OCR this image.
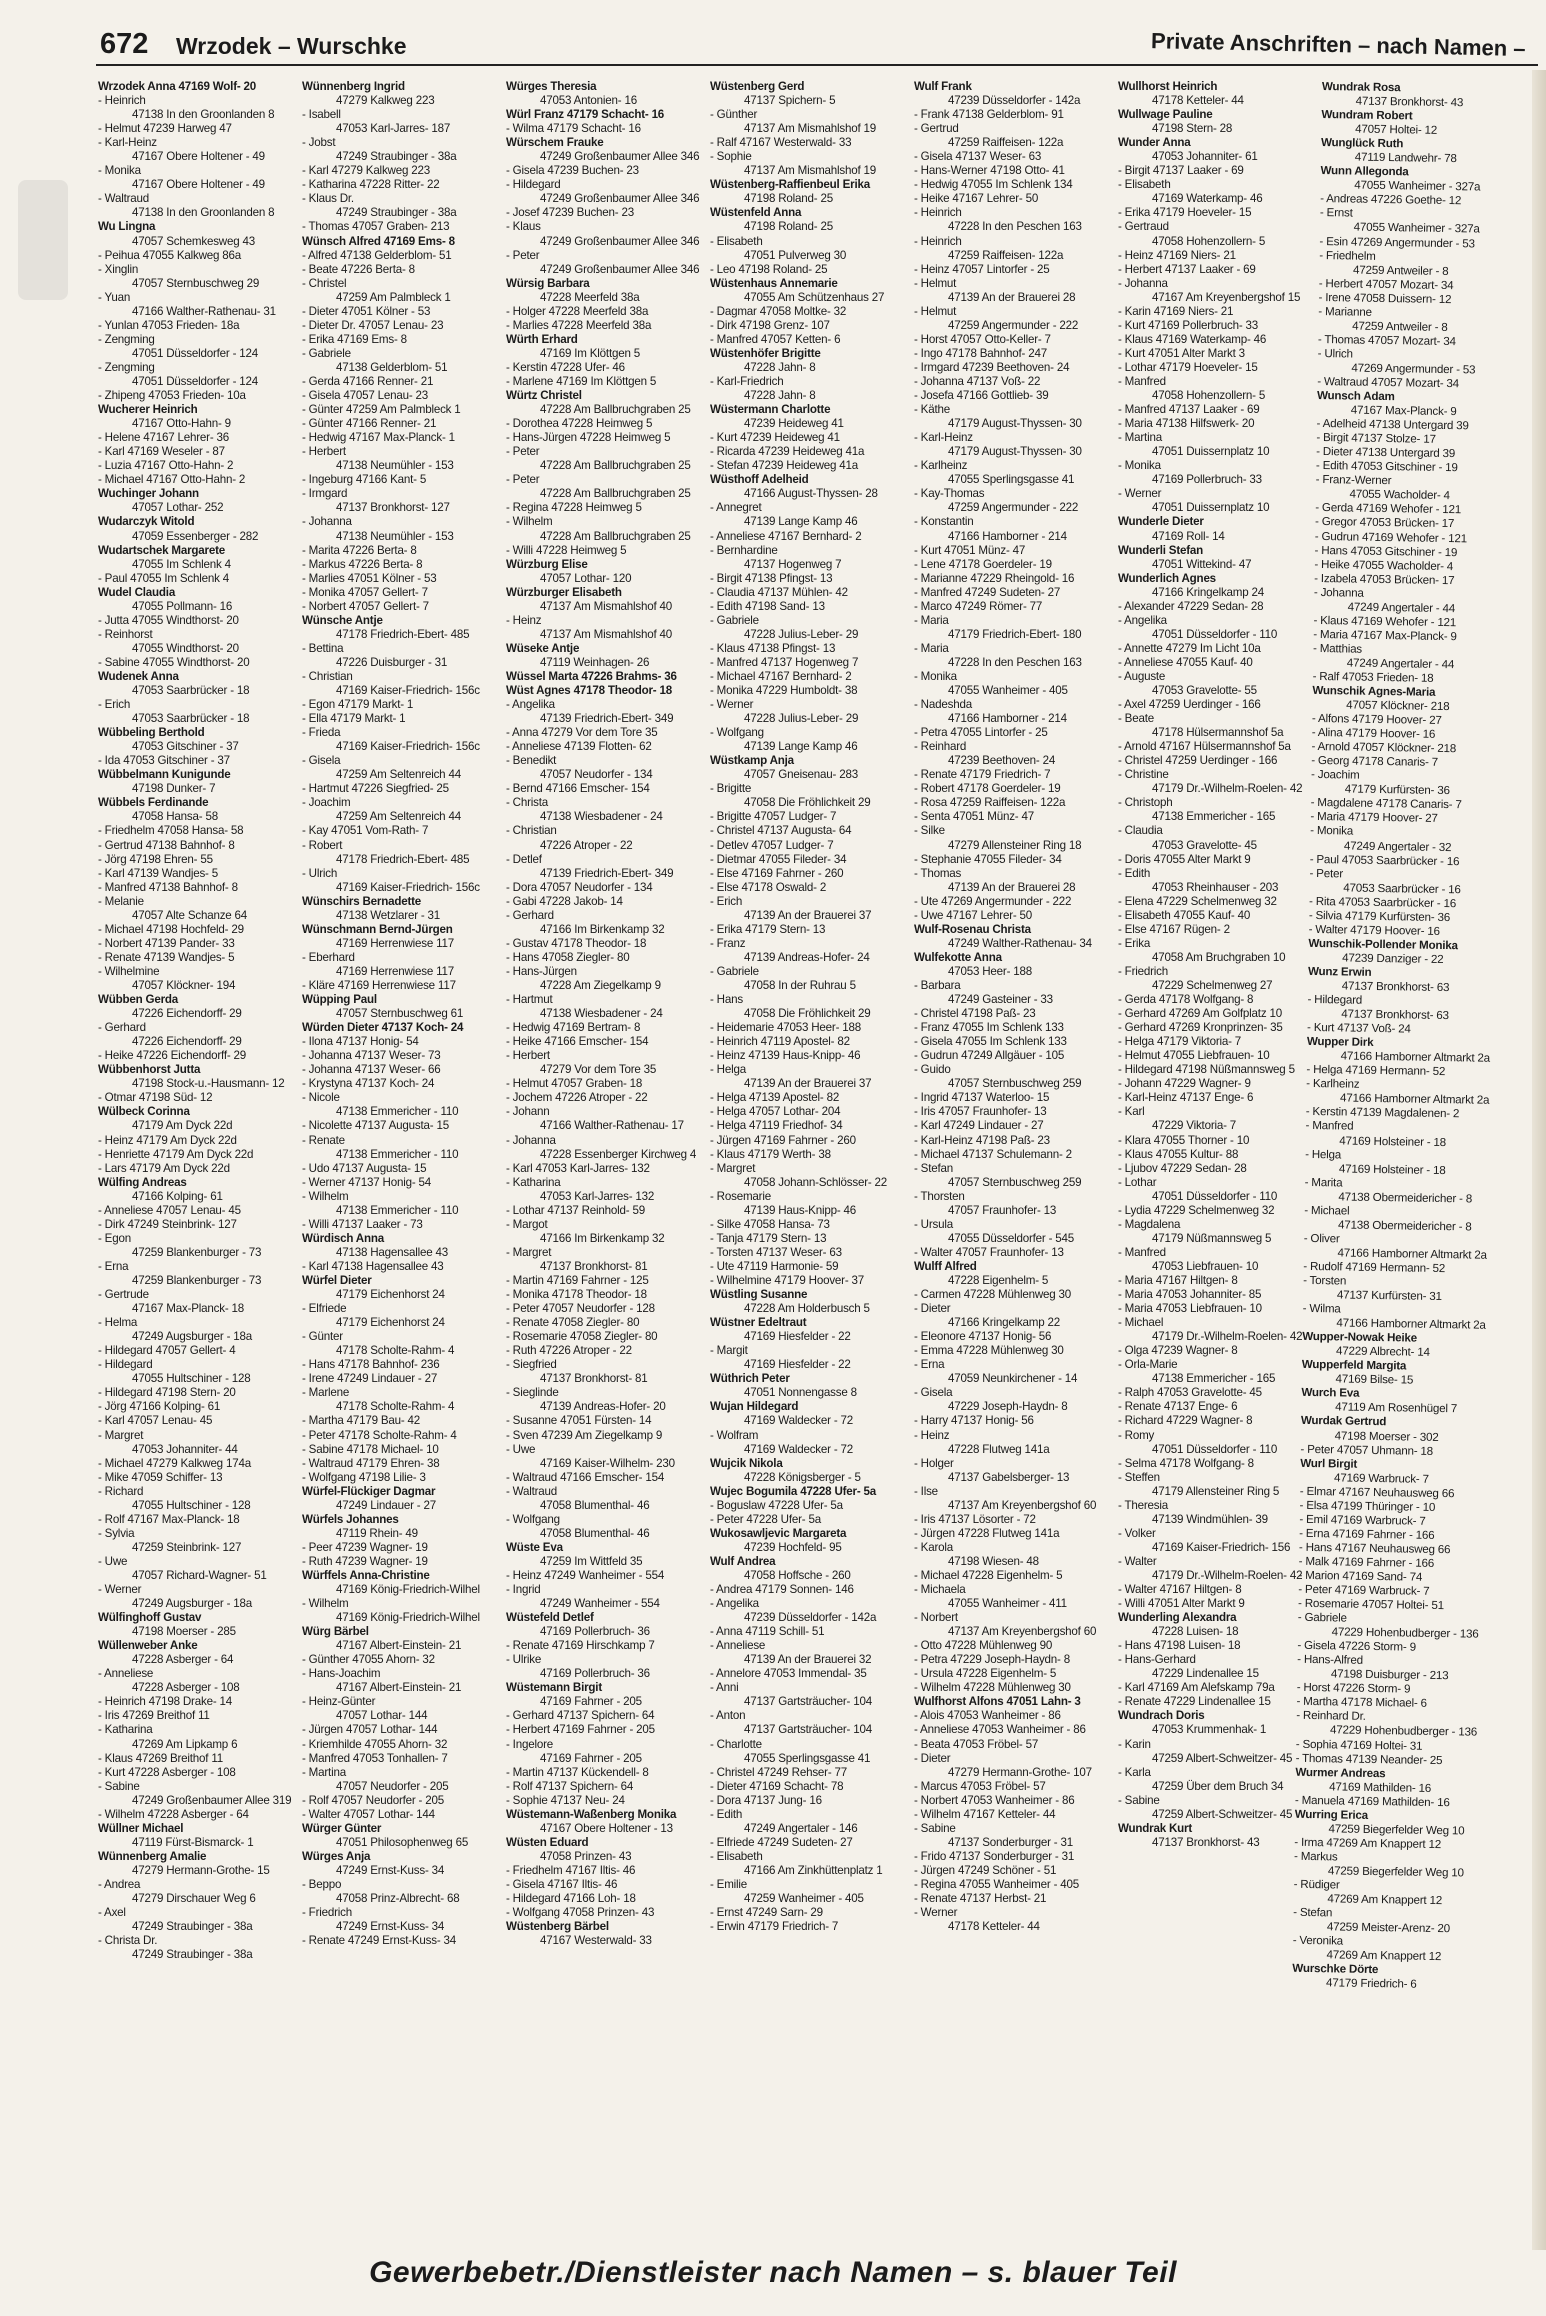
672 Wrzodek – Wurschke	Private Anschriften – nach Namen –
Wrzodek Anna 47169 Wolf- 20
- Heinrich
47138 In den Groonlanden 8
- Helmut 47239 Harweg 47
- Karl-Heinz
47167 Obere Holtener - 49
- Monika
47167 Obere Holtener - 49
- Waltraud
47138 In den Groonlanden 8
Wu Lingna
47057 Schemkesweg 43
- Peihua 47055 Kalkweg 86a
- Xinglin
47057 Sternbuschweg 29
- Yuan
47166 Walther-Rathenau- 31
- Yunlan 47053 Frieden- 18a
- Zengming
47051 Düsseldorfer - 124
- Zengming
47051 Düsseldorfer - 124
- Zhipeng 47053 Frieden- 10a
Wucherer Heinrich
47167 Otto-Hahn- 9
- Helene 47167 Lehrer- 36
- Karl 47169 Weseler - 87
- Luzia 47167 Otto-Hahn- 2
- Michael 47167 Otto-Hahn- 2
Wuchinger Johann
47057 Lothar- 252
Wudarczyk Witold
47059 Essenberger - 282
Wudartschek Margarete
47055 Im Schlenk 4
- Paul 47055 Im Schlenk 4
Wudel Claudia
47055 Pollmann- 16
- Jutta 47055 Windthorst- 20
- Reinhorst
47055 Windthorst- 20
- Sabine 47055 Windthorst- 20
Wudenek Anna
47053 Saarbrücker - 18
- Erich
47053 Saarbrücker - 18
Wübbeling Berthold
47053 Gitschiner - 37
- Ida 47053 Gitschiner - 37
Wübbelmann Kunigunde
47198 Dunker- 7
Wübbels Ferdinande
47058 Hansa- 58
- Friedhelm 47058 Hansa- 58
- Gertrud 47138 Bahnhof- 8
- Jörg 47198 Ehren- 55
- Karl 47139 Wandjes- 5
- Manfred 47138 Bahnhof- 8
- Melanie
47057 Alte Schanze 64
- Michael 47198 Hochfeld- 29
- Norbert 47139 Pander- 33
- Renate 47139 Wandjes- 5
- Wilhelmine
47057 Klöckner- 194
Wübben Gerda
47226 Eichendorff- 29
- Gerhard
47226 Eichendorff- 29
- Heike 47226 Eichendorff- 29
Wübbenhorst Jutta
47198 Stock-u.-Hausmann- 12
- Otmar 47198 Süd- 12
Wülbeck Corinna
47179 Am Dyck 22d
- Heinz 47179 Am Dyck 22d
- Henriette 47179 Am Dyck 22d
- Lars 47179 Am Dyck 22d
Wülfing Andreas
47166 Kolping- 61
- Anneliese 47057 Lenau- 45
- Dirk 47249 Steinbrink- 127
- Egon
47259 Blankenburger - 73
- Erna
47259 Blankenburger - 73
- Gertrude
47167 Max-Planck- 18
- Helma
47249 Augsburger - 18a
- Hildegard 47057 Gellert- 4
- Hildegard
47055 Hultschiner - 128
- Hildegard 47198 Stern- 20
- Jörg 47166 Kolping- 61
- Karl 47057 Lenau- 45
- Margret
47053 Johanniter- 44
- Michael 47279 Kalkweg 174a
- Mike 47059 Schiffer- 13
- Richard
47055 Hultschiner - 128
- Rolf 47167 Max-Planck- 18
- Sylvia
47259 Steinbrink- 127
- Uwe
47057 Richard-Wagner- 51
- Werner
47249 Augsburger - 18a
Wülfinghoff Gustav
47198 Moerser - 285
Wüllenweber Anke
47228 Asberger - 64
- Anneliese
47228 Asberger - 108
- Heinrich 47198 Drake- 14
- Iris 47269 Breithof 11
- Katharina
47269 Am Lipkamp 6
- Klaus 47269 Breithof 11
- Kurt 47228 Asberger - 108
- Sabine
47249 Großenbaumer Allee 319
- Wilhelm 47228 Asberger - 64
Wüllner Michael
47119 Fürst-Bismarck- 1
Wünnenberg Amalie
47279 Hermann-Grothe- 15
- Andrea
47279 Dirschauer Weg 6
- Axel
47249 Straubinger - 38a
- Christa Dr.
47249 Straubinger - 38a
Wünnenberg Ingrid
47279 Kalkweg 223
- Isabell
47053 Karl-Jarres- 187
- Jobst
47249 Straubinger - 38a
- Karl 47279 Kalkweg 223
- Katharina 47228 Ritter- 22
- Klaus Dr.
47249 Straubinger - 38a
- Thomas 47057 Graben- 213
Wünsch Alfred 47169 Ems- 8
- Alfred 47138 Gelderblom- 51
- Beate 47226 Berta- 8
- Christel
47259 Am Palmbleck 1
- Dieter 47051 Kölner - 53
- Dieter Dr. 47057 Lenau- 23
- Erika 47169 Ems- 8
- Gabriele
47138 Gelderblom- 51
- Gerda 47166 Renner- 21
- Gisela 47057 Lenau- 23
- Günter 47259 Am Palmbleck 1
- Günter 47166 Renner- 21
- Hedwig 47167 Max-Planck- 1
- Herbert
47138 Neumühler - 153
- Ingeburg 47166 Kant- 5
- Irmgard
47137 Bronkhorst- 127
- Johanna
47138 Neumühler - 153
- Marita 47226 Berta- 8
- Markus 47226 Berta- 8
- Marlies 47051 Kölner - 53
- Monika 47057 Gellert- 7
- Norbert 47057 Gellert- 7
Wünsche Antje
47178 Friedrich-Ebert- 485
- Bettina
47226 Duisburger - 31
- Christian
47169 Kaiser-Friedrich- 156c
- Egon 47179 Markt- 1
- Ella 47179 Markt- 1
- Frieda
47169 Kaiser-Friedrich- 156c
- Gisela
47259 Am Seltenreich 44
- Hartmut 47226 Siegfried- 25
- Joachim
47259 Am Seltenreich 44
- Kay 47051 Vom-Rath- 7
- Robert
47178 Friedrich-Ebert- 485
- Ulrich
47169 Kaiser-Friedrich- 156c
Wünschirs Bernadette
47138 Wetzlarer - 31
Wünschmann Bernd-Jürgen
47169 Herrenwiese 117
- Eberhard
47169 Herrenwiese 117
- Kläre 47169 Herrenwiese 117
Wüpping Paul
47057 Sternbuschweg 61
Würden Dieter 47137 Koch- 24
- Ilona 47137 Honig- 54
- Johanna 47137 Weser- 73
- Johanna 47137 Weser- 66
- Krystyna 47137 Koch- 24
- Nicole
47138 Emmericher - 110
- Nicolette 47137 Augusta- 15
- Renate
47138 Emmericher - 110
- Udo 47137 Augusta- 15
- Werner 47137 Honig- 54
- Wilhelm
47138 Emmericher - 110
- Willi 47137 Laaker - 73
Würdisch Anna
47138 Hagensallee 43
- Karl 47138 Hagensallee 43
Würfel Dieter
47179 Eichenhorst 24
- Elfriede
47179 Eichenhorst 24
- Günter
47178 Scholte-Rahm- 4
- Hans 47178 Bahnhof- 236
- Irene 47249 Lindauer - 27
- Marlene
47178 Scholte-Rahm- 4
- Martha 47179 Bau- 42
- Peter 47178 Scholte-Rahm- 4
- Sabine 47178 Michael- 10
- Waltraud 47179 Ehren- 38
- Wolfgang 47198 Lilie- 3
Würfel-Flückiger Dagmar
47249 Lindauer - 27
Würfels Johannes
47119 Rhein- 49
- Peer 47239 Wagner- 19
- Ruth 47239 Wagner- 19
Würffels Anna-Christine
47169 König-Friedrich-Wilhel
- Wilhelm
47169 König-Friedrich-Wilhel
Würg Bärbel
47167 Albert-Einstein- 21
- Günther 47055 Ahorn- 32
- Hans-Joachim
47167 Albert-Einstein- 21
- Heinz-Günter
47057 Lothar- 144
- Jürgen 47057 Lothar- 144
- Kriemhilde 47055 Ahorn- 32
- Manfred 47053 Tonhallen- 7
- Martina
47057 Neudorfer - 205
- Rolf 47057 Neudorfer - 205
- Walter 47057 Lothar- 144
Würger Günter
47051 Philosophenweg 65
Würges Anja
47249 Ernst-Kuss- 34
- Beppo
47058 Prinz-Albrecht- 68
- Friedrich
47249 Ernst-Kuss- 34
- Renate 47249 Ernst-Kuss- 34
Würges Theresia
47053 Antonien- 16
Würl Franz 47179 Schacht- 16
- Wilma 47179 Schacht- 16
Würschem Frauke
47249 Großenbaumer Allee 346
- Gisela 47239 Buchen- 23
- Hildegard
47249 Großenbaumer Allee 346
- Josef 47239 Buchen- 23
- Klaus
47249 Großenbaumer Allee 346
- Peter
47249 Großenbaumer Allee 346
Würsig Barbara
47228 Meerfeld 38a
- Holger 47228 Meerfeld 38a
- Marlies 47228 Meerfeld 38a
Würth Erhard
47169 Im Klöttgen 5
- Kerstin 47228 Ufer- 46
- Marlene 47169 Im Klöttgen 5
Würtz Christel
47228 Am Ballbruchgraben 25
- Dorothea 47228 Heimweg 5
- Hans-Jürgen 47228 Heimweg 5
- Peter
47228 Am Ballbruchgraben 25
- Peter
47228 Am Ballbruchgraben 25
- Regina 47228 Heimweg 5
- Wilhelm
47228 Am Ballbruchgraben 25
- Willi 47228 Heimweg 5
Würzburg Elise
47057 Lothar- 120
Würzburger Elisabeth
47137 Am Mismahlshof 40
- Heinz
47137 Am Mismahlshof 40
Wüseke Antje
47119 Weinhagen- 26
Wüssel Marta 47226 Brahms- 36
Wüst Agnes 47178 Theodor- 18
- Angelika
47139 Friedrich-Ebert- 349
- Anna 47279 Vor dem Tore 35
- Anneliese 47139 Flotten- 62
- Benedikt
47057 Neudorfer - 134
- Bernd 47166 Emscher- 154
- Christa
47138 Wiesbadener - 24
- Christian
47226 Atroper - 22
- Detlef
47139 Friedrich-Ebert- 349
- Dora 47057 Neudorfer - 134
- Gabi 47228 Jakob- 14
- Gerhard
47166 Im Birkenkamp 32
- Gustav 47178 Theodor- 18
- Hans 47058 Ziegler- 80
- Hans-Jürgen
47228 Am Ziegelkamp 9
- Hartmut
47138 Wiesbadener - 24
- Hedwig 47169 Bertram- 8
- Heike 47166 Emscher- 154
- Herbert
47279 Vor dem Tore 35
- Helmut 47057 Graben- 18
- Jochem 47226 Atroper - 22
- Johann
47166 Walther-Rathenau- 17
- Johanna
47228 Essenberger Kirchweg 4
- Karl 47053 Karl-Jarres- 132
- Katharina
47053 Karl-Jarres- 132
- Lothar 47137 Reinhold- 59
- Margot
47166 Im Birkenkamp 32
- Margret
47137 Bronkhorst- 81
- Martin 47169 Fahrner - 125
- Monika 47178 Theodor- 18
- Peter 47057 Neudorfer - 128
- Renate 47058 Ziegler- 80
- Rosemarie 47058 Ziegler- 80
- Ruth 47226 Atroper - 22
- Siegfried
47137 Bronkhorst- 81
- Sieglinde
47139 Andreas-Hofer- 20
- Susanne 47051 Fürsten- 14
- Sven 47239 Am Ziegelkamp 9
- Uwe
47169 Kaiser-Wilhelm- 230
- Waltraud 47166 Emscher- 154
- Waltraud
47058 Blumenthal- 46
- Wolfgang
47058 Blumenthal- 46
Wüste Eva
47259 Im Wittfeld 35
- Heinz 47249 Wanheimer - 554
- Ingrid
47249 Wanheimer - 554
Wüstefeld Detlef
47169 Pollerbruch- 36
- Renate 47169 Hirschkamp 7
- Ulrike
47169 Pollerbruch- 36
Wüstemann Birgit
47169 Fahrner - 205
- Gerhard 47137 Spichern- 64
- Herbert 47169 Fahrner - 205
- Ingelore
47169 Fahrner - 205
- Martin 47137 Kückendell- 8
- Rolf 47137 Spichern- 64
- Sophie 47137 Neu- 24
Wüstemann-Waßenberg Monika
47167 Obere Holtener - 13
Wüsten Eduard
47058 Prinzen- 43
- Friedhelm 47167 Iltis- 46
- Gisela 47167 Iltis- 46
- Hildegard 47166 Loh- 18
- Wolfgang 47058 Prinzen- 43
Wüstenberg Bärbel
47167 Westerwald- 33
Wüstenberg Gerd
47137 Spichern- 5
- Günther
47137 Am Mismahlshof 19
- Ralf 47167 Westerwald- 33
- Sophie
47137 Am Mismahlshof 19
Wüstenberg-Raffienbeul Erika
47198 Roland- 25
Wüstenfeld Anna
47198 Roland- 25
- Elisabeth
47051 Pulverweg 30
- Leo 47198 Roland- 25
Wüstenhaus Annemarie
47055 Am Schützenhaus 27
- Dagmar 47058 Moltke- 32
- Dirk 47198 Grenz- 107
- Manfred 47057 Ketten- 6
Wüstenhöfer Brigitte
47228 Jahn- 8
- Karl-Friedrich
47228 Jahn- 8
Wüstermann Charlotte
47239 Heideweg 41
- Kurt 47239 Heideweg 41
- Ricarda 47239 Heideweg 41a
- Stefan 47239 Heideweg 41a
Wüsthoff Adelheid
47166 August-Thyssen- 28
- Annegret
47139 Lange Kamp 46
- Anneliese 47167 Bernhard- 2
- Bernhardine
47137 Hogenweg 7
- Birgit 47138 Pfingst- 13
- Claudia 47137 Mühlen- 42
- Edith 47198 Sand- 13
- Gabriele
47228 Julius-Leber- 29
- Klaus 47138 Pfingst- 13
- Manfred 47137 Hogenweg 7
- Michael 47167 Bernhard- 2
- Monika 47229 Humboldt- 38
- Werner
47228 Julius-Leber- 29
- Wolfgang
47139 Lange Kamp 46
Wüstkamp Anja
47057 Gneisenau- 283
- Brigitte
47058 Die Fröhlichkeit 29
- Brigitte 47057 Ludger- 7
- Christel 47137 Augusta- 64
- Detlev 47057 Ludger- 7
- Dietmar 47055 Fileder- 34
- Else 47169 Fahrner - 260
- Else 47178 Oswald- 2
- Erich
47139 An der Brauerei 37
- Erika 47179 Stern- 13
- Franz
47139 Andreas-Hofer- 24
- Gabriele
47058 In der Ruhrau 5
- Hans
47058 Die Fröhlichkeit 29
- Heidemarie 47053 Heer- 188
- Heinrich 47119 Apostel- 82
- Heinz 47139 Haus-Knipp- 46
- Helga
47139 An der Brauerei 37
- Helga 47139 Apostel- 82
- Helga 47057 Lothar- 204
- Helga 47119 Friedhof- 34
- Jürgen 47169 Fahrner - 260
- Klaus 47179 Werth- 38
- Margret
47058 Johann-Schlösser- 22
- Rosemarie
47139 Haus-Knipp- 46
- Silke 47058 Hansa- 73
- Tanja 47179 Stern- 13
- Torsten 47137 Weser- 63
- Ute 47119 Harmonie- 59
- Wilhelmine 47179 Hoover- 37
Wüstling Susanne
47228 Am Holderbusch 5
Wüstner Edeltraut
47169 Hiesfelder - 22
- Margit
47169 Hiesfelder - 22
Wüthrich Peter
47051 Nonnengasse 8
Wujan Hildegard
47169 Waldecker - 72
- Wolfram
47169 Waldecker - 72
Wujcik Nikola
47228 Königsberger - 5
Wujec Bogumila 47228 Ufer- 5a
- Boguslaw 47228 Ufer- 5a
- Peter 47228 Ufer- 5a
Wukosawljevic Margareta
47239 Hochfeld- 95
Wulf Andrea
47058 Hoffsche - 260
- Andrea 47179 Sonnen- 146
- Angelika
47239 Düsseldorfer - 142a
- Anna 47119 Schill- 51
- Anneliese
47139 An der Brauerei 32
- Annelore 47053 Immendal- 35
- Anni
47137 Gartsträucher- 104
- Anton
47137 Gartsträucher- 104
- Charlotte
47055 Sperlingsgasse 41
- Christel 47249 Rehser- 77
- Dieter 47169 Schacht- 78
- Dora 47137 Jung- 16
- Edith
47249 Angertaler - 146
- Elfriede 47249 Sudeten- 27
- Elisabeth
47166 Am Zinkhüttenplatz 1
- Emilie
47259 Wanheimer - 405
- Ernst 47249 Sarn- 29
- Erwin 47179 Friedrich- 7
Wulf Frank
47239 Düsseldorfer - 142a
- Frank 47138 Gelderblom- 91
- Gertrud
47259 Raiffeisen- 122a
- Gisela 47137 Weser- 63
- Hans-Werner 47198 Otto- 41
- Hedwig 47055 Im Schlenk 134
- Heike 47167 Lehrer- 50
- Heinrich
47228 In den Peschen 163
- Heinrich
47259 Raiffeisen- 122a
- Heinz 47057 Lintorfer - 25
- Helmut
47139 An der Brauerei 28
- Helmut
47259 Angermunder - 222
- Horst 47057 Otto-Keller- 7
- Ingo 47178 Bahnhof- 247
- Irmgard 47239 Beethoven- 24
- Johanna 47137 Voß- 22
- Josefa 47166 Gottlieb- 39
- Käthe
47179 August-Thyssen- 30
- Karl-Heinz
47179 August-Thyssen- 30
- Karlheinz
47055 Sperlingsgasse 41
- Kay-Thomas
47259 Angermunder - 222
- Konstantin
47166 Hamborner - 214
- Kurt 47051 Münz- 47
- Lene 47178 Goerdeler- 19
- Marianne 47229 Rheingold- 16
- Manfred 47249 Sudeten- 27
- Marco 47249 Römer- 77
- Maria
47179 Friedrich-Ebert- 180
- Maria
47228 In den Peschen 163
- Monika
47055 Wanheimer - 405
- Nadeshda
47166 Hamborner - 214
- Petra 47055 Lintorfer - 25
- Reinhard
47239 Beethoven- 24
- Renate 47179 Friedrich- 7
- Robert 47178 Goerdeler- 19
- Rosa 47259 Raiffeisen- 122a
- Senta 47051 Münz- 47
- Silke
47279 Allensteiner Ring 18
- Stephanie 47055 Fileder- 34
- Thomas
47139 An der Brauerei 28
- Ute 47269 Angermunder - 222
- Uwe 47167 Lehrer- 50
Wulf-Rosenau Christa
47249 Walther-Rathenau- 34
Wulfekotte Anna
47053 Heer- 188
- Barbara
47249 Gasteiner - 33
- Christel 47198 Paß- 23
- Franz 47055 Im Schlenk 133
- Gisela 47055 Im Schlenk 133
- Gudrun 47249 Allgäuer - 105
- Guido
47057 Sternbuschweg 259
- Ingrid 47137 Waterloo- 15
- Iris 47057 Fraunhofer- 13
- Karl 47249 Lindauer - 27
- Karl-Heinz 47198 Paß- 23
- Michael 47137 Schulemann- 2
- Stefan
47057 Sternbuschweg 259
- Thorsten
47057 Fraunhofer- 13
- Ursula
47055 Düsseldorfer - 545
- Walter 47057 Fraunhofer- 13
Wulff Alfred
47228 Eigenhelm- 5
- Carmen 47228 Mühlenweg 30
- Dieter
47166 Kringelkamp 22
- Eleonore 47137 Honig- 56
- Emma 47228 Mühlenweg 30
- Erna
47059 Neunkirchener - 14
- Gisela
47229 Joseph-Haydn- 8
- Harry 47137 Honig- 56
- Heinz
47228 Flutweg 141a
- Holger
47137 Gabelsberger- 13
- Ilse
47137 Am Kreyenbergshof 60
- Iris 47137 Lösorter - 72
- Jürgen 47228 Flutweg 141a
- Karola
47198 Wiesen- 48
- Michael 47228 Eigenhelm- 5
- Michaela
47055 Wanheimer - 411
- Norbert
47137 Am Kreyenbergshof 60
- Otto 47228 Mühlenweg 90
- Petra 47229 Joseph-Haydn- 8
- Ursula 47228 Eigenhelm- 5
- Wilhelm 47228 Mühlenweg 30
Wulfhorst Alfons 47051 Lahn- 3
- Alois 47053 Wanheimer - 86
- Anneliese 47053 Wanheimer - 86
- Beata 47053 Fröbel- 57
- Dieter
47279 Hermann-Grothe- 107
- Marcus 47053 Fröbel- 57
- Norbert 47053 Wanheimer - 86
- Wilhelm 47167 Ketteler- 44
- Sabine
47137 Sonderburger - 31
- Frido 47137 Sonderburger - 31
- Jürgen 47249 Schöner - 51
- Regina 47055 Wanheimer - 405
- Renate 47137 Herbst- 21
- Werner
47178 Ketteler- 44
Wullhorst Heinrich
47178 Ketteler- 44
Wullwage Pauline
47198 Stern- 28
Wunder Anna
47053 Johanniter- 61
- Birgit 47137 Laaker - 69
- Elisabeth
47169 Waterkamp- 46
- Erika 47179 Hoeveler- 15
- Gertraud
47058 Hohenzollern- 5
- Heinz 47169 Niers- 21
- Herbert 47137 Laaker - 69
- Johanna
47167 Am Kreyenbergshof 15
- Karin 47169 Niers- 21
- Kurt 47169 Pollerbruch- 33
- Klaus 47169 Waterkamp- 46
- Kurt 47051 Alter Markt 3
- Lothar 47179 Hoeveler- 15
- Manfred
47058 Hohenzollern- 5
- Manfred 47137 Laaker - 69
- Maria 47138 Hilfswerk- 20
- Martina
47051 Duissernplatz 10
- Monika
47169 Pollerbruch- 33
- Werner
47051 Duissernplatz 10
Wunderle Dieter
47169 Roll- 14
Wunderli Stefan
47051 Wittekind- 47
Wunderlich Agnes
47166 Kringelkamp 24
- Alexander 47229 Sedan- 28
- Angelika
47051 Düsseldorfer - 110
- Annette 47279 Im Licht 10a
- Anneliese 47055 Kauf- 40
- Auguste
47053 Gravelotte- 55
- Axel 47259 Uerdinger - 166
- Beate
47178 Hülsermannshof 5a
- Arnold 47167 Hülsermannshof 5a
- Christel 47259 Uerdinger - 166
- Christine
47179 Dr.-Wilhelm-Roelen- 42
- Christoph
47138 Emmericher - 165
- Claudia
47053 Gravelotte- 45
- Doris 47055 Alter Markt 9
- Edith
47053 Rheinhauser - 203
- Elena 47229 Schelmenweg 32
- Elisabeth 47055 Kauf- 40
- Else 47167 Rügen- 2
- Erika
47058 Am Bruchgraben 10
- Friedrich
47229 Schelmenweg 27
- Gerda 47178 Wolfgang- 8
- Gerhard 47269 Am Golfplatz 10
- Gerhard 47269 Kronprinzen- 35
- Helga 47179 Viktoria- 7
- Helmut 47055 Liebfrauen- 10
- Hildegard 47198 Nüßmannsweg 5
- Johann 47229 Wagner- 9
- Karl-Heinz 47137 Enge- 6
- Karl
47229 Viktoria- 7
- Klara 47055 Thorner - 10
- Klaus 47055 Kultur- 88
- Ljubov 47229 Sedan- 28
- Lothar
47051 Düsseldorfer - 110
- Lydia 47229 Schelmenweg 32
- Magdalena
47179 Nüßmannsweg 5
- Manfred
47053 Liebfrauen- 10
- Maria 47167 Hiltgen- 8
- Maria 47053 Johanniter- 85
- Maria 47053 Liebfrauen- 10
- Michael
47179 Dr.-Wilhelm-Roelen- 42
- Olga 47239 Wagner- 8
- Orla-Marie
47138 Emmericher - 165
- Ralph 47053 Gravelotte- 45
- Renate 47137 Enge- 6
- Richard 47229 Wagner- 8
- Romy
47051 Düsseldorfer - 110
- Selma 47178 Wolfgang- 8
- Steffen
47179 Allensteiner Ring 5
- Theresia
47139 Windmühlen- 39
- Volker
47169 Kaiser-Friedrich- 156
- Walter
47179 Dr.-Wilhelm-Roelen- 42
- Walter 47167 Hiltgen- 8
- Willi 47051 Alter Markt 9
Wunderling Alexandra
47228 Luisen- 18
- Hans 47198 Luisen- 18
- Hans-Gerhard
47229 Lindenallee 15
- Karl 47169 Am Alefskamp 79a
- Renate 47229 Lindenallee 15
Wundrach Doris
47053 Krummenhak- 1
- Karin
47259 Albert-Schweitzer- 45
- Karla
47259 Über dem Bruch 34
- Sabine
47259 Albert-Schweitzer- 45
Wundrak Kurt
47137 Bronkhorst- 43
Wundrak Rosa
47137 Bronkhorst- 43
Wundram Robert
47057 Holtei- 12
Wunglück Ruth
47119 Landwehr- 78
Wunn Allegonda
47055 Wanheimer - 327a
- Andreas 47226 Goethe- 12
- Ernst
47055 Wanheimer - 327a
- Esin 47269 Angermunder - 53
- Friedhelm
47259 Antweiler - 8
- Herbert 47057 Mozart- 34
- Irene 47058 Duissern- 12
- Marianne
47259 Antweiler - 8
- Thomas 47057 Mozart- 34
- Ulrich
47269 Angermunder - 53
- Waltraud 47057 Mozart- 34
Wunsch Adam
47167 Max-Planck- 9
- Adelheid 47138 Untergard 39
- Birgit 47137 Stolze- 17
- Dieter 47138 Untergard 39
- Edith 47053 Gitschiner - 19
- Franz-Werner
47055 Wacholder- 4
- Gerda 47169 Wehofer - 121
- Gregor 47053 Brücken- 17
- Gudrun 47169 Wehofer - 121
- Hans 47053 Gitschiner - 19
- Heike 47055 Wacholder- 4
- Izabela 47053 Brücken- 17
- Johanna
47249 Angertaler - 44
- Klaus 47169 Wehofer - 121
- Maria 47167 Max-Planck- 9
- Matthias
47249 Angertaler - 44
- Ralf 47053 Frieden- 18
Wunschik Agnes-Maria
47057 Klöckner- 218
- Alfons 47179 Hoover- 27
- Alina 47179 Hoover- 16
- Arnold 47057 Klöckner- 218
- Georg 47178 Canaris- 7
- Joachim
47179 Kurfürsten- 36
- Magdalene 47178 Canaris- 7
- Maria 47179 Hoover- 27
- Monika
47249 Angertaler - 32
- Paul 47053 Saarbrücker - 16
- Peter
47053 Saarbrücker - 16
- Rita 47053 Saarbrücker - 16
- Silvia 47179 Kurfürsten- 36
- Walter 47179 Hoover- 16
Wunschik-Pollender Monika
47239 Danziger - 22
Wunz Erwin
47137 Bronkhorst- 63
- Hildegard
47137 Bronkhorst- 63
- Kurt 47137 Voß- 24
Wupper Dirk
47166 Hamborner Altmarkt 2a
- Helga 47169 Hermann- 52
- Karlheinz
47166 Hamborner Altmarkt 2a
- Kerstin 47139 Magdalenen- 2
- Manfred
47169 Holsteiner - 18
- Helga
47169 Holsteiner - 18
- Marita
47138 Obermeidericher - 8
- Michael
47138 Obermeidericher - 8
- Oliver
47166 Hamborner Altmarkt 2a
- Rudolf 47169 Hermann- 52
- Torsten
47137 Kurfürsten- 31
- Wilma
47166 Hamborner Altmarkt 2a
Wupper-Nowak Heike
47229 Albrecht- 14
Wupperfeld Margita
47169 Bilse- 15
Wurch Eva
47119 Am Rosenhügel 7
Wurdak Gertrud
47198 Moerser - 302
- Peter 47057 Uhmann- 18
Wurl Birgit
47169 Warbruck- 7
- Elmar 47167 Neuhausweg 66
- Elsa 47199 Thüringer - 10
- Emil 47169 Warbruck- 7
- Erna 47169 Fahrner - 166
- Hans 47167 Neuhausweg 66
- Malk 47169 Fahrner - 166
- Marion 47169 Sand- 74
- Peter 47169 Warbruck- 7
- Rosemarie 47057 Holtei- 51
- Gabriele
47229 Hohenbudberger - 136
- Gisela 47226 Storm- 9
- Hans-Alfred
47198 Duisburger - 213
- Horst 47226 Storm- 9
- Martha 47178 Michael- 6
- Reinhard Dr.
47229 Hohenbudberger - 136
- Sophia 47169 Holtei- 31
- Thomas 47139 Neander- 25
Wurmer Andreas
47169 Mathilden- 16
- Manuela 47169 Mathilden- 16
Wurring Erica
47259 Biegerfelder Weg 10
- Irma 47269 Am Knappert 12
- Markus
47259 Biegerfelder Weg 10
- Rüdiger
47269 Am Knappert 12
- Stefan
47259 Meister-Arenz- 20
- Veronika
47269 Am Knappert 12
Wurschke Dörte
47179 Friedrich- 6
Gewerbebetr./Dienstleister nach Namen – s. blauer Teil
